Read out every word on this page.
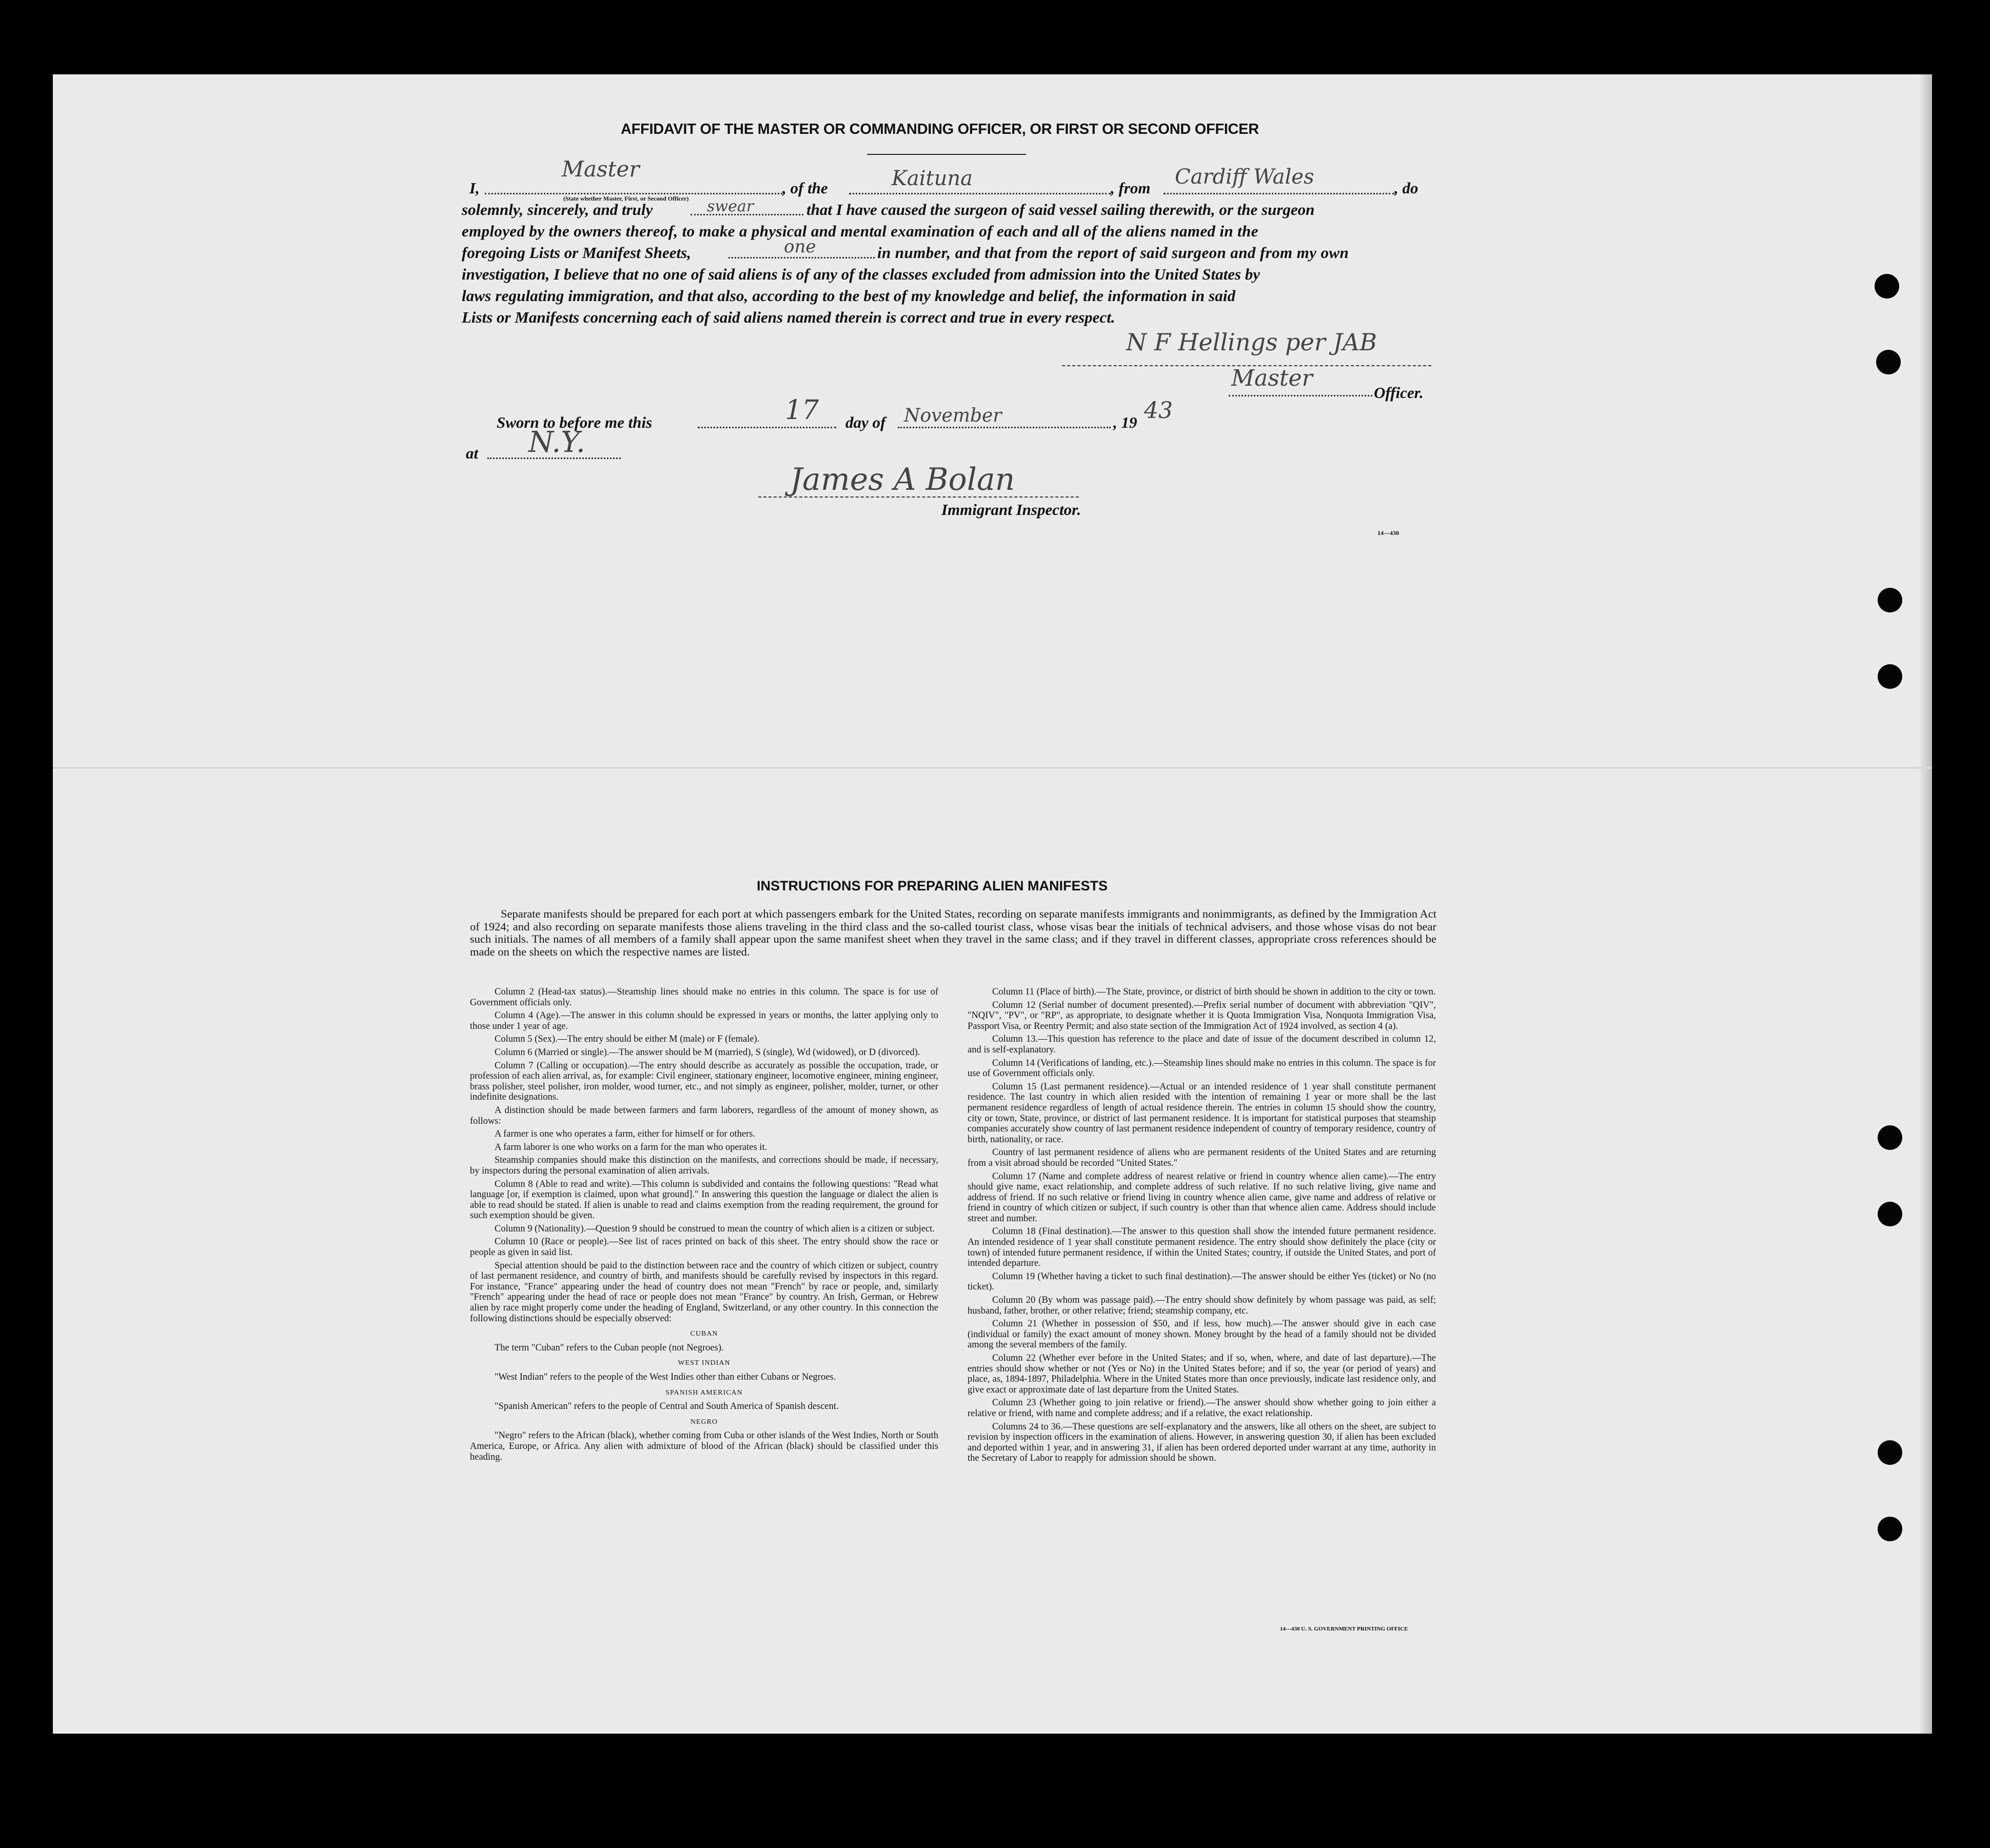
AFFIDAVIT OF THE MASTER OR COMMANDING OFFICER, OR FIRST OR SECOND OFFICER
I,
Master
(State whether Master, First, or Second Officer)
, of the	Kaituna	, from Cardiff Wales	, do
solemnly, sincerely, and truly	swear	that I have caused the surgeon of said vessel sailing therewith, or the surgeon
employed by the owners thereof, to make a physical and mental examination of each and all of the aliens named in the
foregoing Lists or Manifest Sheets,	one	in number, and that from the report of said surgeon and from my own
investigation, I believe that no one of said aliens is of any of the classes excluded from admission into the United States by
laws regulating immigration, and that also, according to the best of my knowledge and belief, the information in said
Lists or Manifests concerning each of said aliens named therein is correct and true in every respect.
N F Hellings per JAB
Master
Officer.
Sworn to before me this	17 day of November	, 19 43
at N.Y.
James A Bolan
Immigrant Inspector.
14—430
INSTRUCTIONS FOR PREPARING ALIEN MANIFESTS

Separate manifests should be prepared for each port at which passengers embark for the United States, recording on separate manifests immigrants and nonimmigrants, as defined by the Immigration Act of 1924; and also recording on separate manifests those aliens traveling in the third class and the so-called tourist class, whose visas bear the initials of technical advisers, and those whose visas do not bear such initials. The names of all members of a family shall appear upon the same manifest sheet when they travel in the same class; and if they travel in different classes, appropriate cross references should be made on the sheets on which the respective names are listed.

Column 2 (Head-tax status).—Steamship lines should make no entries in this column. The space is for use of Government officials only.

Column 4 (Age).—The answer in this column should be expressed in years or months, the latter applying only to those under 1 year of age.

Column 5 (Sex).—The entry should be either M (male) or F (female).

Column 6 (Married or single).—The answer should be M (married), S (single), Wd (widowed), or D (divorced).

Column 7 (Calling or occupation).—The entry should describe as accurately as possible the occupation, trade, or profession of each alien arrival, as, for example: Civil engineer, stationary engineer, locomotive engineer, mining engineer, brass polisher, steel polisher, iron molder, wood turner, etc., and not simply as engineer, polisher, molder, turner, or other indefinite designations.

A distinction should be made between farmers and farm laborers, regardless of the amount of money shown, as follows:

A farmer is one who operates a farm, either for himself or for others.

A farm laborer is one who works on a farm for the man who operates it.

Steamship companies should make this distinction on the manifests, and corrections should be made, if necessary, by inspectors during the personal examination of alien arrivals.

Column 8 (Able to read and write).—This column is subdivided and contains the following questions: "Read what language [or, if exemption is claimed, upon what ground]." In answering this question the language or dialect the alien is able to read should be stated. If alien is unable to read and claims exemption from the reading requirement, the ground for such exemption should be given.

Column 9 (Nationality).—Question 9 should be construed to mean the country of which alien is a citizen or subject.

Column 10 (Race or people).—See list of races printed on back of this sheet. The entry should show the race or people as given in said list.

Special attention should be paid to the distinction between race and the country of which citizen or subject, country of last permanent residence, and country of birth, and manifests should be carefully revised by inspectors in this regard. For instance, "France" appearing under the head of country does not mean "French" by race or people, and, similarly "French" appearing under the head of race or people does not mean "France" by country. An Irish, German, or Hebrew alien by race might properly come under the heading of England, Switzerland, or any other country. In this connection the following distinctions should be especially observed:

CUBAN

The term "Cuban" refers to the Cuban people (not Negroes).

WEST INDIAN

"West Indian" refers to the people of the West Indies other than either Cubans or Negroes.

SPANISH AMERICAN

"Spanish American" refers to the people of Central and South America of Spanish descent.

NEGRO

"Negro" refers to the African (black), whether coming from Cuba or other islands of the West Indies, North or South America, Europe, or Africa. Any alien with admixture of blood of the African (black) should be classified under this heading.

Column 11 (Place of birth).—The State, province, or district of birth should be shown in addition to the city or town.

Column 12 (Serial number of document presented).—Prefix serial number of document with abbreviation "QIV", "NQIV", "PV", or "RP", as appropriate, to designate whether it is Quota Immigration Visa, Nonquota Immigration Visa, Passport Visa, or Reentry Permit; and also state section of the Immigration Act of 1924 involved, as section 4 (a).

Column 13.—This question has reference to the place and date of issue of the document described in column 12, and is self-explanatory.

Column 14 (Verifications of landing, etc.).—Steamship lines should make no entries in this column. The space is for use of Government officials only.

Column 15 (Last permanent residence).—Actual or an intended residence of 1 year shall constitute permanent residence. The last country in which alien resided with the intention of remaining 1 year or more shall be the last permanent residence regardless of length of actual residence therein. The entries in column 15 should show the country, city or town, State, province, or district of last permanent residence. It is important for statistical purposes that steamship companies accurately show country of last permanent residence independent of country of temporary residence, country of birth, nationality, or race.

Country of last permanent residence of aliens who are permanent residents of the United States and are returning from a visit abroad should be recorded "United States."

Column 17 (Name and complete address of nearest relative or friend in country whence alien came).—The entry should give name, exact relationship, and complete address of such relative. If no such relative living, give name and address of friend. If no such relative or friend living in country whence alien came, give name and address of relative or friend in country of which citizen or subject, if such country is other than that whence alien came. Address should include street and number.

Column 18 (Final destination).—The answer to this question shall show the intended future permanent residence. An intended residence of 1 year shall constitute permanent residence. The entry should show definitely the place (city or town) of intended future permanent residence, if within the United States; country, if outside the United States, and port of intended departure.

Column 19 (Whether having a ticket to such final destination).—The answer should be either Yes (ticket) or No (no ticket).

Column 20 (By whom was passage paid).—The entry should show definitely by whom passage was paid, as self; husband, father, brother, or other relative; friend; steamship company, etc.

Column 21 (Whether in possession of $50, and if less, how much).—The answer should give in each case (individual or family) the exact amount of money shown. Money brought by the head of a family should not be divided among the several members of the family.

Column 22 (Whether ever before in the United States; and if so, when, where, and date of last departure).—The entries should show whether or not (Yes or No) in the United States before; and if so, the year (or period of years) and place, as, 1894-1897, Philadelphia. Where in the United States more than once previously, indicate last residence only, and give exact or approximate date of last departure from the United States.

Column 23 (Whether going to join relative or friend).—The answer should show whether going to join either a relative or friend, with name and complete address; and if a relative, the exact relationship.

Columns 24 to 36.—These questions are self-explanatory and the answers, like all others on the sheet, are subject to revision by inspection officers in the examination of aliens. However, in answering question 30, if alien has been excluded and deported within 1 year, and in answering 31, if alien has been ordered deported under warrant at any time, authority in the Secretary of Labor to reapply for admission should be shown.

14—430 U. S. GOVERNMENT PRINTING OFFICE
